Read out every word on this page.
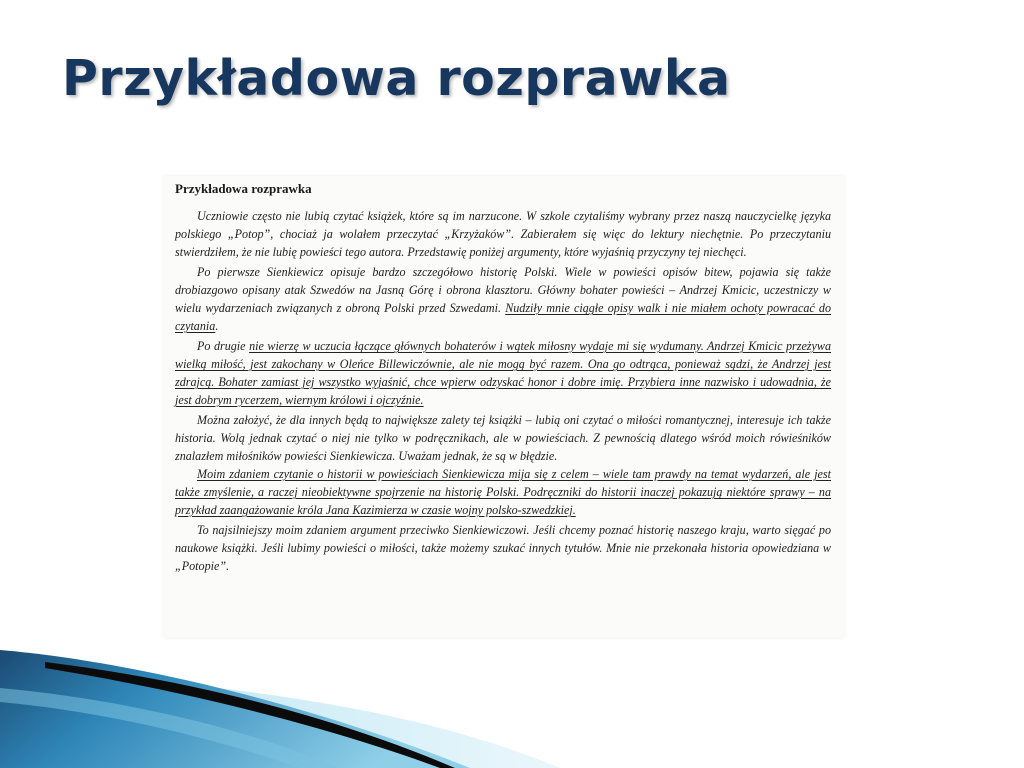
Przykładowa rozprawka
Przykładowa rozprawka

Uczniowie często nie lubią czytać książek, które są im narzucone. W szkole czytaliśmy wybrany przez naszą nauczycielkę języka polskiego „Potop”, chociaż ja wolałem przeczytać „Krzyżaków”. Zabierałem się więc do lektury niechętnie. Po przeczytaniu stwierdziłem, że nie lubię powieści tego autora. Przedstawię poniżej argumenty, które wyjaśnią przyczyny tej niechęci.

Po pierwsze Sienkiewicz opisuje bardzo szczegółowo historię Polski. Wiele w powieści opisów bitew, pojawia się także drobiazgowo opisany atak Szwedów na Jasną Górę i obrona klasztoru. Główny bohater powieści – Andrzej Kmicic, uczestniczy w wielu wydarzeniach związanych z obroną Polski przed Szwedami. Nudziły mnie ciągłe opisy walk i nie miałem ochoty powracać do czytania.

Po drugie nie wierzę w uczucia łączące głównych bohaterów i wątek miłosny wydaje mi się wydumany. Andrzej Kmicic przeżywa wielką miłość, jest zakochany w Oleńce Billewiczównie, ale nie mogą być razem. Ona go odtrąca, ponieważ sądzi, że Andrzej jest zdrajcą. Bohater zamiast jej wszystko wyjaśnić, chce wpierw odzyskać honor i dobre imię. Przybiera inne nazwisko i udowadnia, że jest dobrym rycerzem, wiernym królowi i ojczyźnie.

Można założyć, że dla innych będą to największe zalety tej książki – lubią oni czytać o miłości romantycznej, interesuje ich także historia. Wolą jednak czytać o niej nie tylko w podręcznikach, ale w powieściach. Z pewnością dlatego wśród moich rówieśników znalazłem miłośników powieści Sienkiewicza. Uważam jednak, że są w błędzie.

Moim zdaniem czytanie o historii w powieściach Sienkiewicza mija się z celem – wiele tam prawdy na temat wydarzeń, ale jest także zmyślenie, a raczej nieobiektywne spojrzenie na historię Polski. Podręczniki do historii inaczej pokazują niektóre sprawy – na przykład zaangażowanie króla Jana Kazimierza w czasie wojny polsko-szwedzkiej.

To najsilniejszy moim zdaniem argument przeciwko Sienkiewiczowi. Jeśli chcemy poznać historię naszego kraju, warto sięgać po naukowe książki. Jeśli lubimy powieści o miłości, także możemy szukać innych tytułów. Mnie nie przekonała historia opowiedziana w „Potopie”.
